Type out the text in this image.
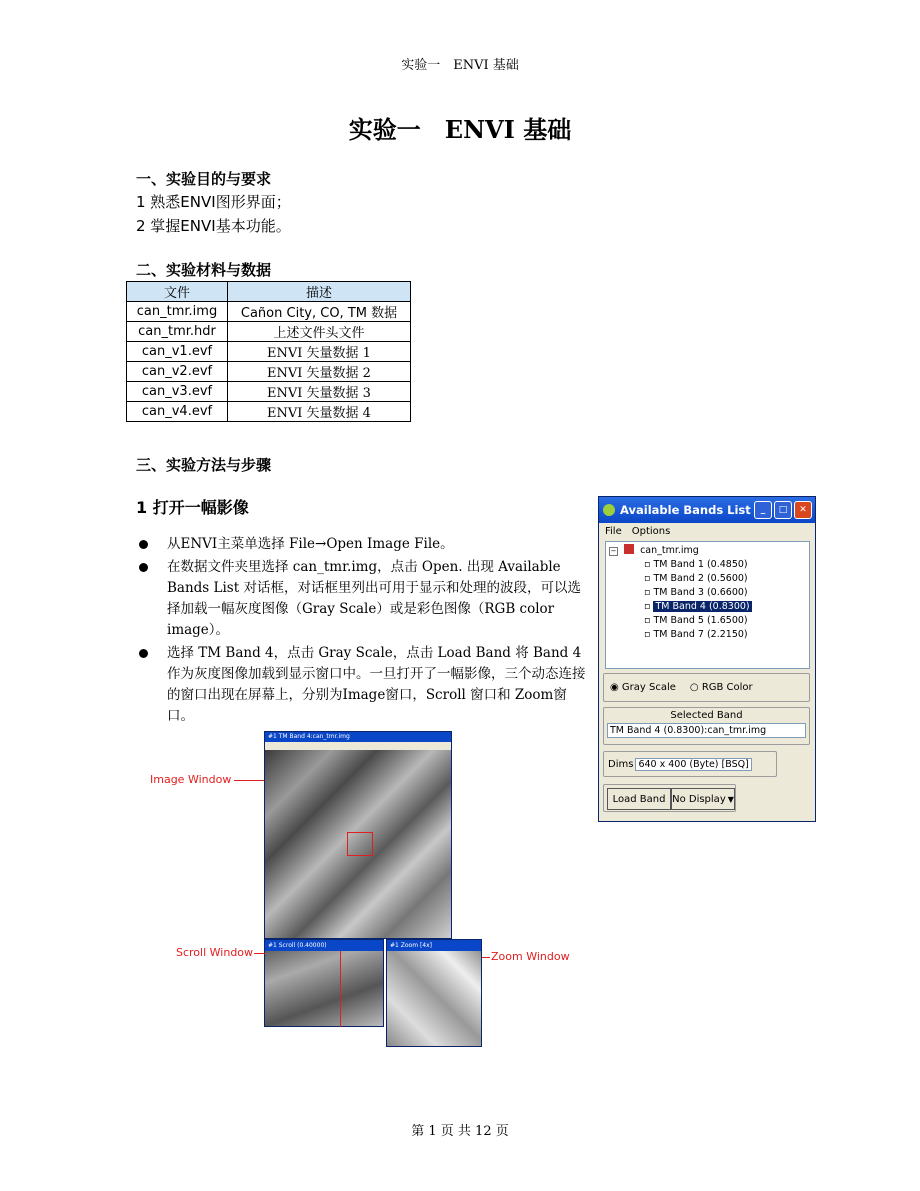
实验一　ENVI 基础
实验一　ENVI 基础
一、实验目的与要求
1 熟悉ENVI图形界面；
2 掌握ENVI基本功能。
二、实验材料与数据
文件	描述
can_tmr.img	Cañon City, CO, TM 数据
can_tmr.hdr	上述文件头文件
can_v1.evf	ENVI 矢量数据 1
can_v2.evf	ENVI 矢量数据 2
can_v3.evf	ENVI 矢量数据 3
can_v4.evf	ENVI 矢量数据 4
三、实验方法与步骤
1 打开一幅影像
从ENVI主菜单选择 File→Open Image File。
在数据文件夹里选择 can_tmr.img，点击 Open. 出现 Available Bands List 对话框，对话框里列出可用于显示和处理的波段，可以选择加载一幅灰度图像（Gray Scale）或是彩色图像（RGB color image）。
选择 TM Band 4，点击 Gray Scale，点击 Load Band 将 Band 4 作为灰度图像加载到显示窗口中。一旦打开了一幅影像，三个动态连接的窗口出现在屏幕上，分别为Image窗口，Scroll 窗口和 Zoom窗口。
Available Bands List	_	□	✕
File Options
− can_tmr.img
▫ TM Band 1 (0.4850)
▫ TM Band 2 (0.5600)
▫ TM Band 3 (0.6600)
▫ TM Band 4 (0.8300)
▫ TM Band 5 (1.6500)
▫ TM Band 7 (2.2150)
◉ Gray Scale ○ RGB Color
Selected Band
TM Band 4 (0.8300):can_tmr.img
Dims 640 x 400 (Byte) [BSQ]
Load Band No Display ▼
#1 TM Band 4:can_tmr.img
#1 Scroll (0.40000)	#1 Zoom [4x]
Image Window
Scroll Window	Zoom Window
第 1 页 共 12 页
